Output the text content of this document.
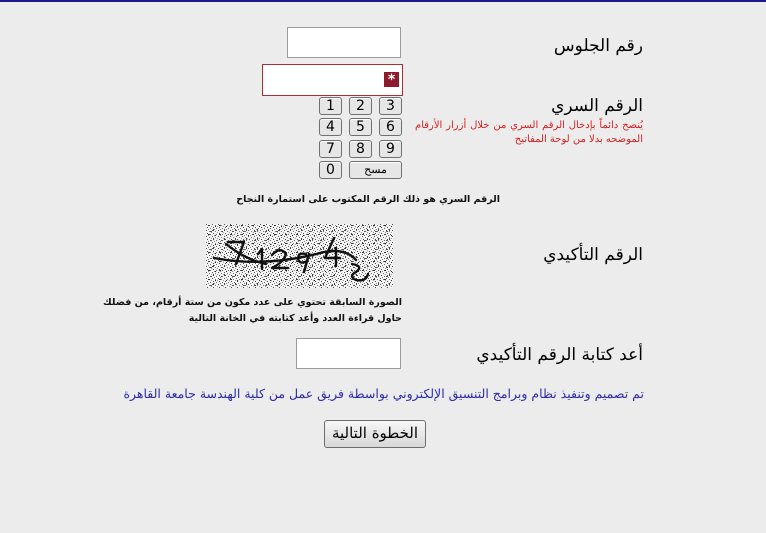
رقم الجلوس
*
الرقم السري
يُنصح دائماً بإدخال الرقم السري من خلال أزرار الأرقام الموضحه بدلا من لوحة المفاتيح
1	2	3
4	5	6
7	8	9
0	مسح
الرقم السري هو ذلك الرقم المكتوب على استمارة النجاح
الرقم التأكيدي
الصورة السابقة تحتوي على عدد مكون من ستة أرقام، من فضلك
حاول قراءة العدد وأعد كتابته في الخانة التالية
أعد كتابة الرقم التأكيدي
تم تصميم وتنفيذ نظام وبرامج التنسيق الإلكتروني بواسطة فريق عمل من كلية الهندسة جامعة القاهرة
الخطوة التالية
